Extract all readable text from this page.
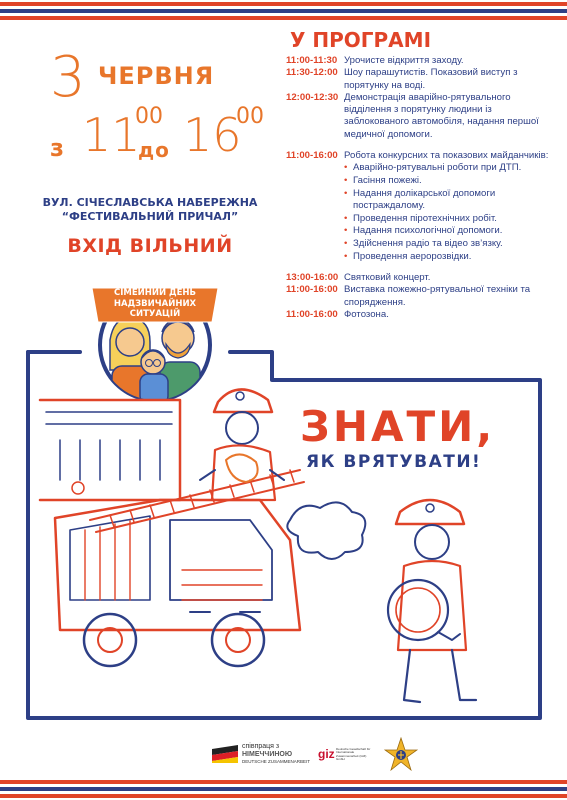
3 ЧЕРВНЯ
з 11
00
до 16
00
ВУЛ. СІЧЕСЛАВСЬКА НАБЕРЕЖНА
“ФЕСТИВАЛЬНИЙ ПРИЧАЛ”
ВХІД ВІЛЬНИЙ
СІМЕЙНИЙ ДЕНЬ
НАДЗВИЧАЙНИХ
СИТУАЦІЙ
У ПРОГРАМІ
11:00-11:30 Урочисте відкриття заходу.
11:30-12:00 Шоу парашутистів. Показовий виступ з порятунку на воді.
12:00-12:30 Демонстрація аварійно-рятувального відділення з порятунку людини із заблокованого автомобіля, надання першої медичної допомоги.
11:00-16:00 Робота конкурсних та показових майданчиків:
• Аварійно-рятувальні роботи при ДТП.
• Гасіння пожежі.
• Надання долікарської допомоги постраждалому.
• Проведення піротехнічних робіт.
• Надання психологічної допомоги.
• Здійснення радіо та відео зв’язку.
• Проведення аеророзвідки.
13:00-16:00 Святковий концерт.
11:00-16:00 Виставка пожежно-рятувальної техніки та спорядження.
11:00-16:00 Фотозона.
ЗНАТИ,
ЯК ВРЯТУВАТИ!
співпраця з
НІМЕЧЧИНОЮ
DEUTSCHE ZUSAMMENARBEIT
giz Deutsche Gesellschaft für Internationale Zusammenarbeit (GIZ) GmbH
